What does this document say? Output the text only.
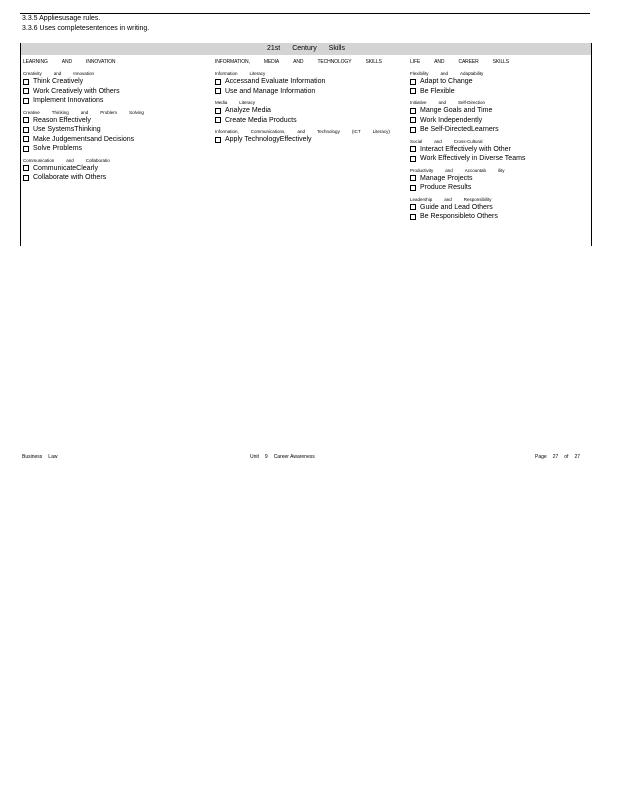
3.3.5 Appliesusage rules.
3.3.6 Uses completesentences in writing.
21st Century Skills
LEARNING	AND	INNOVATION
Creativity	and	Innovation
Think Creatively
Work Creatively with Others
Implement Innovations
Creative	Thinking	and	Problem	Solving
Reason Effectively
Use SystemsThinking
Make Judgementsand Decisions
Solve Problems
Communication	and	Collaboratio
CommunicateClearly
Collaborate with Others
INFORMATION,	MEDIA	AND	TECHNOLOGY	SKILLS
Information	Literacy
Accessand Evaluate Information
Use and Manage Information
Media	Literacy
Analyze Media
Create Media Products
Information,	Communications,	and	Technology	(ICT	Literacy)
Apply TechnologyEffectively
LIFE	AND	CAREER	SKILLS
Flexibility	and	Adaptability
Adapt to Change
Be Flexible
Initiative	and	Self-Direction
Mange Goals and Time
Work Independently
Be Self-DirectedLearners
Social	and	Cross-Cultural
Interact Effectively with Other
Work Effectively in Diverse Teams
Productivity	and	Accountab	ility
Manage Projects
Produce Results
Leadership	and	Responsibility
Guide and Lead Others
Be Responsibleto Others
Business Law	Unit 9 Career Awareness	Page 27 of 27
